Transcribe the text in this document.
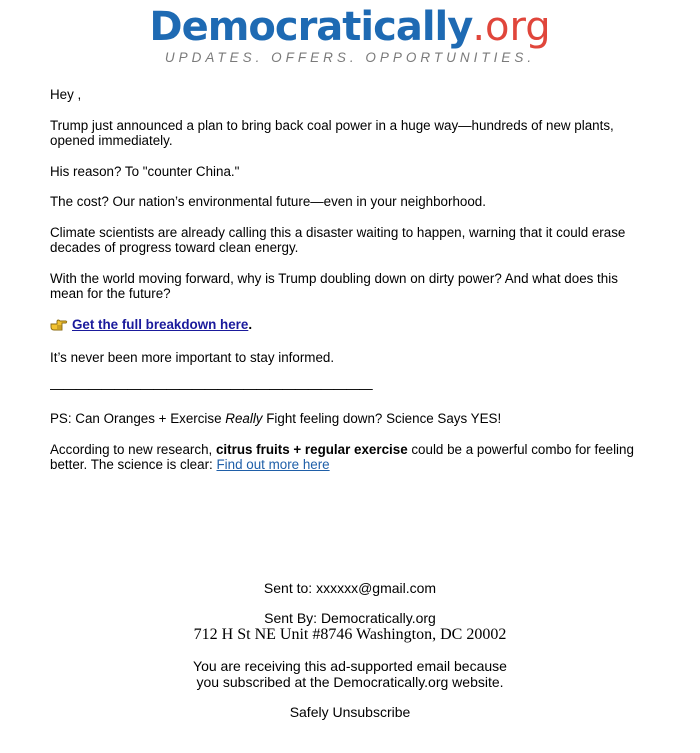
Democratically.org
UPDATES. OFFERS. OPPORTUNITIES.

Hey ,

Trump just announced a plan to bring back coal power in a huge way—hundreds of new plants, opened immediately.

His reason? To "counter China."

The cost? Our nation’s environmental future—even in your neighborhood.

Climate scientists are already calling this a disaster waiting to happen, warning that it could erase decades of progress toward clean energy.

With the world moving forward, why is Trump doubling down on dirty power? And what does this mean for the future?

Get the full breakdown here.

It’s never been more important to stay informed.

—————————————————————————

PS: Can Oranges + Exercise Really Fight feeling down? Science Says YES!

According to new research, citrus fruits + regular exercise could be a powerful combo for feeling better. The science is clear: Find out more here

Sent to: xxxxxx@gmail.com

Sent By: Democratically.org

712 H St NE Unit #8746 Washington, DC 20002

You are receiving this ad-supported email because
you subscribed at the Democratically.org website.

Safely Unsubscribe
